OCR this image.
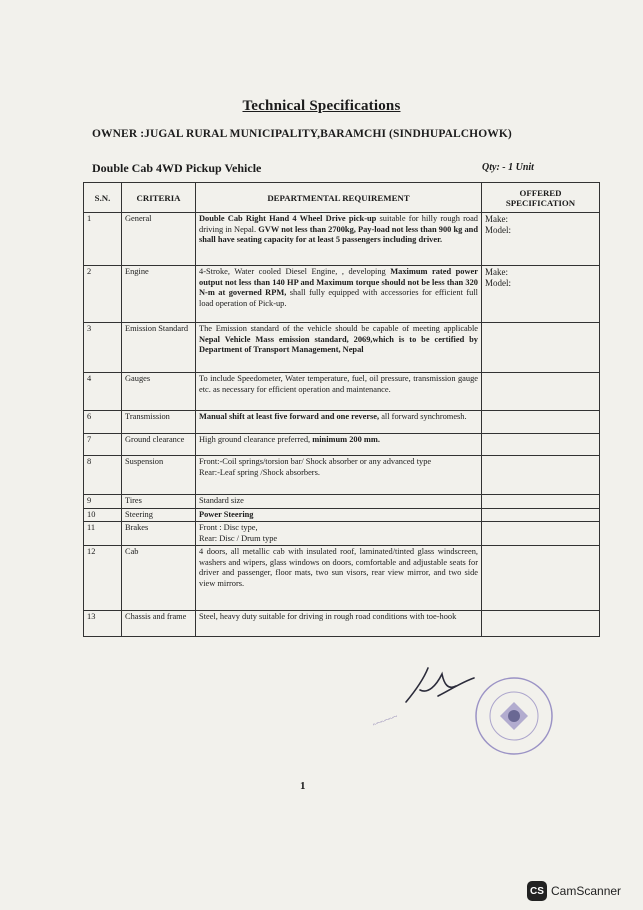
Technical Specifications
OWNER :JUGAL RURAL MUNICIPALITY,BARAMCHI (SINDHUPALCHOWK)
Double Cab 4WD Pickup Vehicle	Qty: - 1 Unit
S.N.	CRITERIA	DEPARTMENTAL REQUIREMENT	OFFERED SPECIFICATION
1	General	Double Cab Right Hand 4 Wheel Drive pick-up suitable for hilly rough road driving in Nepal. GVW not less than 2700kg, Pay-load not less than 900 kg and shall have seating capacity for at least 5 passengers including driver.	Make:
Model:

2	Engine	4-Stroke, Water cooled Diesel Engine, , developing Maximum rated power output not less than 140 HP and Maximum torque should not be less than 320 N-m at governed RPM, shall fully equipped with accessories for efficient full load operation of Pick-up.	Make:
Model:

3	Emission Standard	The Emission standard of the vehicle should be capable of meeting applicable Nepal Vehicle Mass emission standard, 2069,which is to be certified by Department of Transport Management, Nepal	
4	Gauges	To include Speedometer, Water temperature, fuel, oil pressure, transmission gauge etc. as necessary for efficient operation and maintenance.	
6	Transmission	Manual shift at least five forward and one reverse, all forward synchromesh.	
7	Ground clearance	High ground clearance preferred, minimum 200 mm.	
8	Suspension	Front:-Coil springs/torsion bar/ Shock absorber or any advanced type
Rear:-Leaf spring /Shock absorbers.	
9	Tires	Standard size	
10	Steering	Power Steering	
11	Brakes	Front : Disc type,
Rear: Disc / Drum type	
12	Cab	4 doors, all metallic cab with insulated roof, laminated/tinted glass windscreen, washers and wipers, glass windows on doors, comfortable and adjustable seats for driver and passenger, floor mats, two sun visors, rear view mirror, and two side view mirrors.	
13	Chassis and frame	Steel, heavy duty suitable for driving in rough road conditions with toe-hook	
~~~~~~
1
CS CamScanner
